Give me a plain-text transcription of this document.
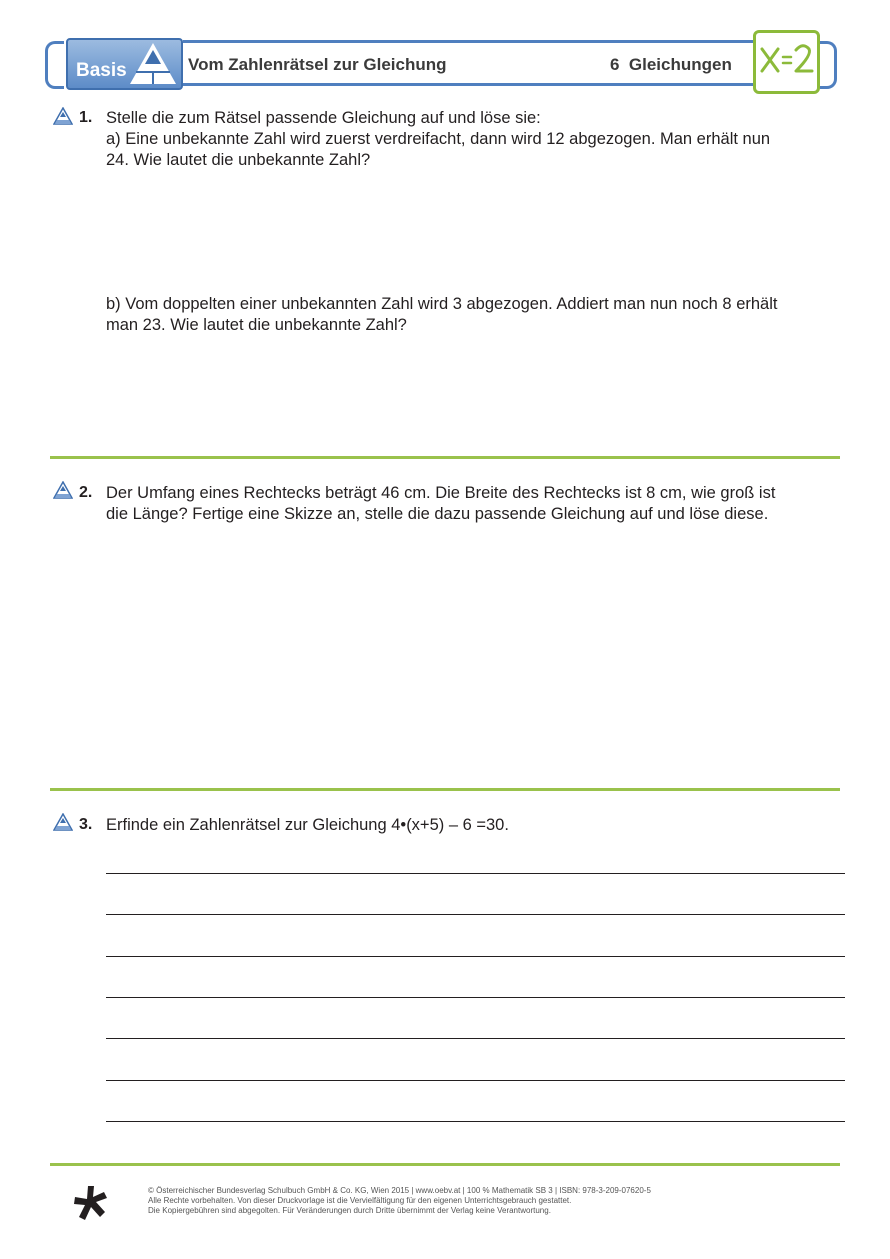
Basis	Vom Zahlenrätsel zur Gleichung	6  Gleichungen
1. Stelle die zum Rätsel passende Gleichung auf und löse sie:
a) Eine unbekannte Zahl wird zuerst verdreifacht, dann wird 12 abgezogen. Man erhält nun
24. Wie lautet die unbekannte Zahl?
b) Vom doppelten einer unbekannten Zahl wird 3 abgezogen. Addiert man nun noch 8 erhält
man 23. Wie lautet die unbekannte Zahl?
2. Der Umfang eines Rechtecks beträgt 46 cm. Die Breite des Rechtecks ist 8 cm, wie groß ist
die Länge? Fertige eine Skizze an, stelle die dazu passende Gleichung auf und löse diese.
3. Erfinde ein Zahlenrätsel zur Gleichung 4•(x+5) – 6 =30.
© Österreichischer Bundesverlag Schulbuch GmbH & Co. KG, Wien 2015 | www.oebv.at | 100 % Mathematik SB 3 | ISBN: 978-3-209-07620-5
Alle Rechte vorbehalten. Von dieser Druckvorlage ist die Vervielfältigung für den eigenen Unterrichtsgebrauch gestattet.
Die Kopiergebühren sind abgegolten. Für Veränderungen durch Dritte übernimmt der Verlag keine Verantwortung.
